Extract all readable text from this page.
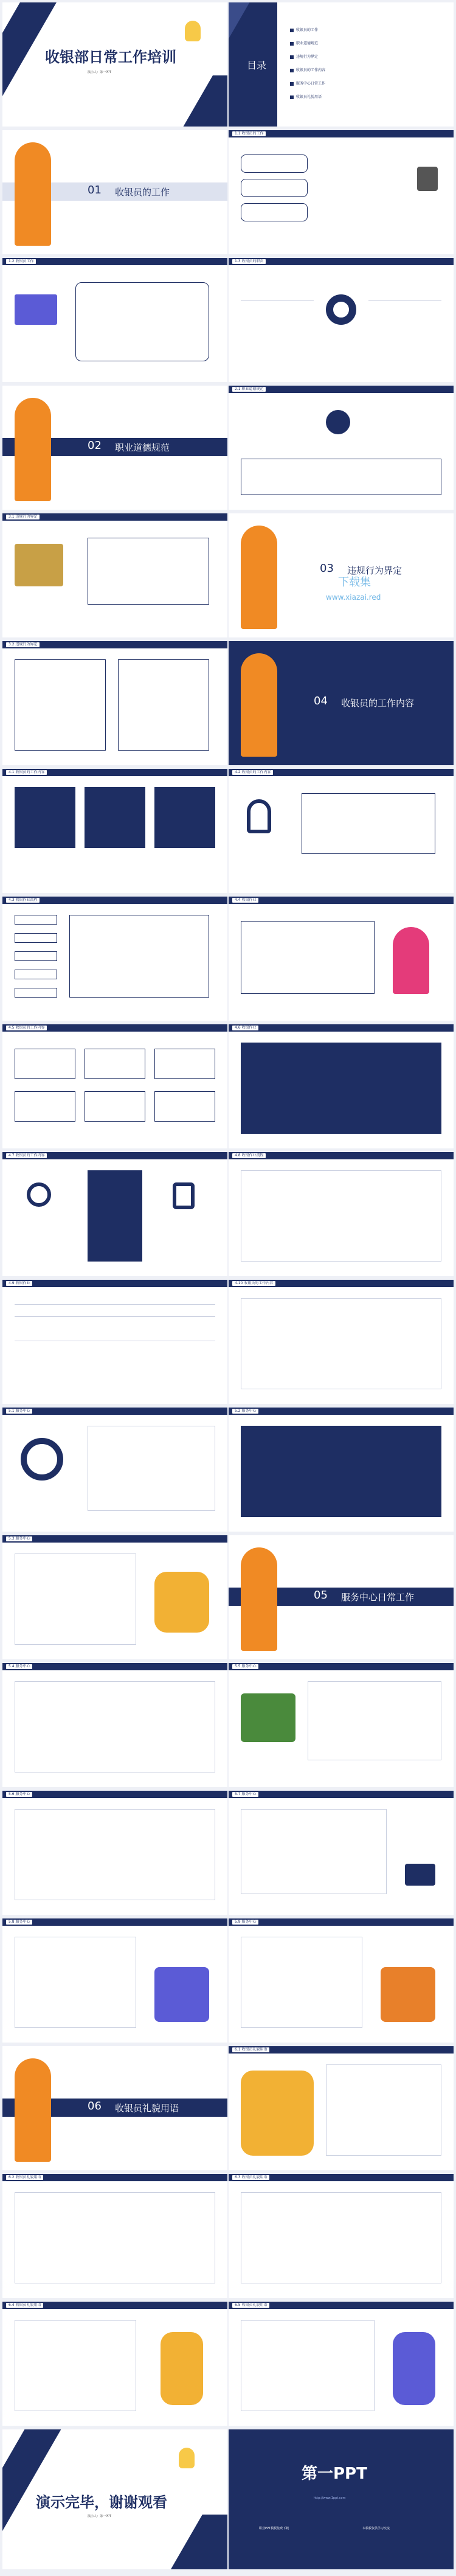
收银部日常工作培训
演示人：第一PPT
目录
收银员的工作
职业道德规范
违规行为界定
收银员的工作内容
服务中心日常工作
收银员礼貌用语
01 收银员的工作
1.1 收银员的工作
1.2 收银员工作	1.3 收银员的职责
02 职业道德规范
2.1 职业道德规范
3.1 违规行为界定
03 违规行为界定
下载集
www.xiazai.red
3.2 违规行为界定
04 收银员的工作内容
4.1 收银员的工作内容	4.2 收银员的工作内容
4.3 收银作业流程	4.4 收银作业
4.5 收银员的工作内容	4.6 收银作业
4.7 收银员的工作内容	4.8 收银作业流程
4.9 收银作业	4.10 收银员的工作内容
5.1 服务中心	5.2 服务中心
5.3 服务中心
05 服务中心日常工作
5.4 服务中心	5.5 服务中心
5.6 服务中心	5.7 服务中心
5.8 服务中心	5.9 服务中心
06 收银员礼貌用语
6.1 收银员礼貌用语
6.2 收银员礼貌用语	6.3 收银员礼貌用语
6.4 收银员礼貌用语	6.5 收银员礼貌用语
演示完毕，谢谢观看
演示人：第一PPT
第一PPT
http://www.1ppt.com
职业PPT模板免费下载	本模板仅供学习交流
